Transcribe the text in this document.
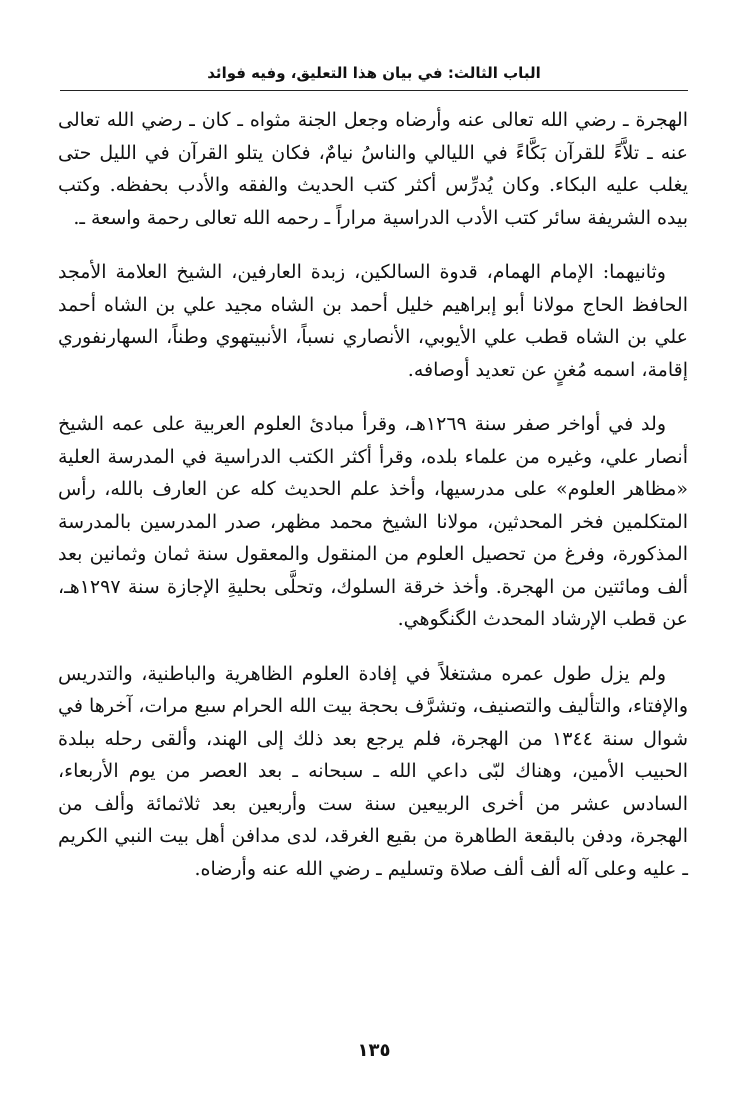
الباب الثالث: في بيان هذا التعليق، وفيه فوائد

الهجرة ـ رضي الله تعالى عنه وأرضاه وجعل الجنة مثواه ـ كان ـ رضي الله تعالى عنه ـ تلاَّءً للقرآن بَكَّاءً في الليالي والناسُ نيامٌ، فكان يتلو القرآن في الليل حتى يغلب عليه البكاء. وكان يُدرِّس أكثر كتب الحديث والفقه والأدب بحفظه. وكتب بيده الشريفة سائر كتب الأدب الدراسية مراراً ـ رحمه الله تعالى رحمة واسعة ـ.

وثانيهما: الإمام الهمام، قدوة السالكين، زبدة العارفين، الشيخ العلامة الأمجد الحافظ الحاج مولانا أبو إبراهيم خليل أحمد بن الشاه مجيد علي بن الشاه أحمد علي بن الشاه قطب علي الأيوبي، الأنصاري نسباً، الأنبيتهوي وطناً، السهارنفوري إقامة، اسمه مُغنٍ عن تعديد أوصافه.

ولد في أواخر صفر سنة ١٢٦٩هـ، وقرأ مبادئ العلوم العربية على عمه الشيخ أنصار علي، وغيره من علماء بلده، وقرأ أكثر الكتب الدراسية في المدرسة العلية «مظاهر العلوم» على مدرسيها، وأخذ علم الحديث كله عن العارف بالله، رأس المتكلمين فخر المحدثين، مولانا الشيخ محمد مظهر، صدر المدرسين بالمدرسة المذكورة، وفرغ من تحصيل العلوم من المنقول والمعقول سنة ثمان وثمانين بعد ألف ومائتين من الهجرة. وأخذ خرقة السلوك، وتحلَّى بحليةِ الإجازة سنة ١٢٩٧هـ، عن قطب الإرشاد المحدث الگنگوهي.

ولم يزل طول عمره مشتغلاً في إفادة العلوم الظاهرية والباطنية، والتدريس والإفتاء، والتأليف والتصنيف، وتشرَّف بحجة بيت الله الحرام سبع مرات، آخرها في شوال سنة ١٣٤٤ من الهجرة، فلم يرجع بعد ذلك إلى الهند، وألقى رحله ببلدة الحبيب الأمين، وهناك لبّى داعي الله ـ سبحانه ـ بعد العصر من يوم الأربعاء، السادس عشر من أخرى الربيعين سنة ست وأربعين بعد ثلاثمائة وألف من الهجرة، ودفن بالبقعة الطاهرة من بقيع الغرقد، لدى مدافن أهل بيت النبي الكريم ـ عليه وعلى آله ألف ألف صلاة وتسليم ـ رضي الله عنه وأرضاه.

١٣٥
